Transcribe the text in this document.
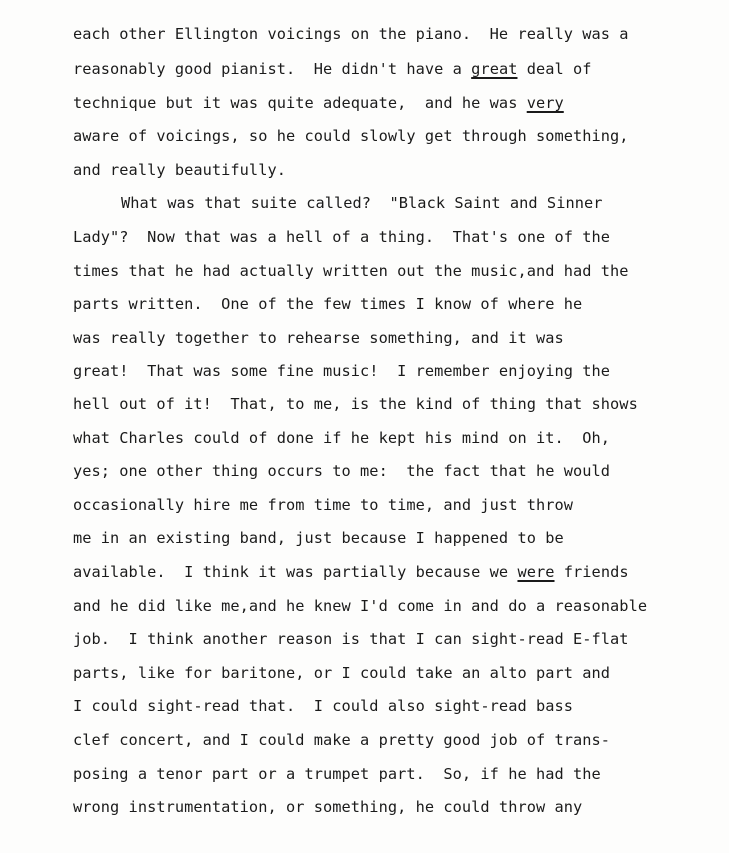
each other Ellington voicings on the piano.  He really was a
reasonably good pianist.  He didn't have a great deal of
technique but it was quite adequate,  and he was very
aware of voicings, so he could slowly get through something,
and really beautifully.
What was that suite called?  "Black Saint and Sinner
Lady"?  Now that was a hell of a thing.  That's one of the
times that he had actually written out the music,and had the
parts written.  One of the few times I know of where he
was really together to rehearse something, and it was
great!  That was some fine music!  I remember enjoying the
hell out of it!  That, to me, is the kind of thing that shows
what Charles could of done if he kept his mind on it.  Oh,
yes; one other thing occurs to me:  the fact that he would
occasionally hire me from time to time, and just throw
me in an existing band, just because I happened to be
available.  I think it was partially because we were friends
and he did like me,and he knew I'd come in and do a reasonable
job.  I think another reason is that I can sight-read E-flat
parts, like for baritone, or I could take an alto part and
I could sight-read that.  I could also sight-read bass
clef concert, and I could make a pretty good job of trans-
posing a tenor part or a trumpet part.  So, if he had the
wrong instrumentation, or something, he could throw any
